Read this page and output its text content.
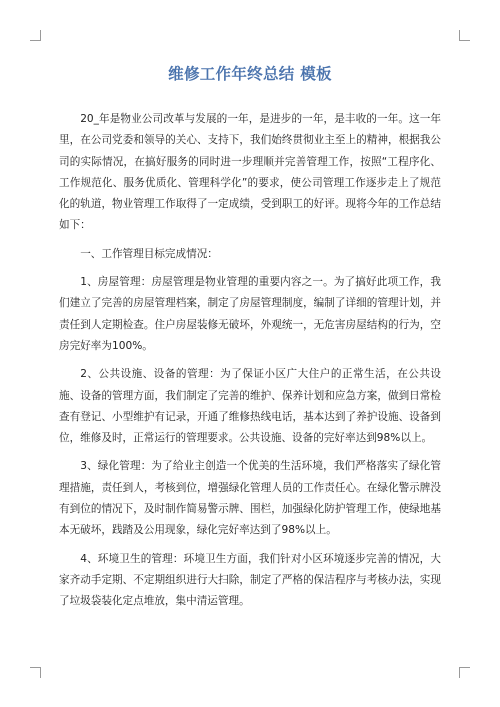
维修工作年终总结 模板

20_年是物业公司改革与发展的一年，是进步的一年，是丰收的一年。这一年里，在公司党委和领导的关心、支持下，我们始终贯彻业主至上的精神，根据我公司的实际情况，在搞好服务的同时进一步理顺并完善管理工作，按照“工程序化、工作规范化、服务优质化、管理科学化”的要求，使公司管理工作逐步走上了规范化的轨道，物业管理工作取得了一定成绩，受到职工的好评。现将今年的工作总结如下：

一、工作管理目标完成情况：

1、房屋管理：房屋管理是物业管理的重要内容之一。为了搞好此项工作，我们建立了完善的房屋管理档案，制定了房屋管理制度，编制了详细的管理计划，并责任到人定期检查。住户房屋装修无破坏，外观统一，无危害房屋结构的行为，空房完好率为100%。

2、公共设施、设备的管理：为了保证小区广大住户的正常生活，在公共设施、设备的管理方面，我们制定了完善的维护、保养计划和应急方案，做到日常检查有登记、小型维护有记录，开通了维修热线电话，基本达到了养护设施、设备到位，维修及时，正常运行的管理要求。公共设施、设备的完好率达到98%以上。

3、绿化管理：为了给业主创造一个优美的生活环境，我们严格落实了绿化管理措施，责任到人，考核到位，增强绿化管理人员的工作责任心。在绿化警示牌没有到位的情况下，及时制作简易警示牌、围栏，加强绿化防护管理工作，使绿地基本无破坏，践踏及公用现象，绿化完好率达到了98%以上。

4、环境卫生的管理：环境卫生方面，我们针对小区环境逐步完善的情况，大家齐动手定期、不定期组织进行大扫除，制定了严格的保洁程序与考核办法，实现了垃圾袋装化定点堆放，集中清运管理。
